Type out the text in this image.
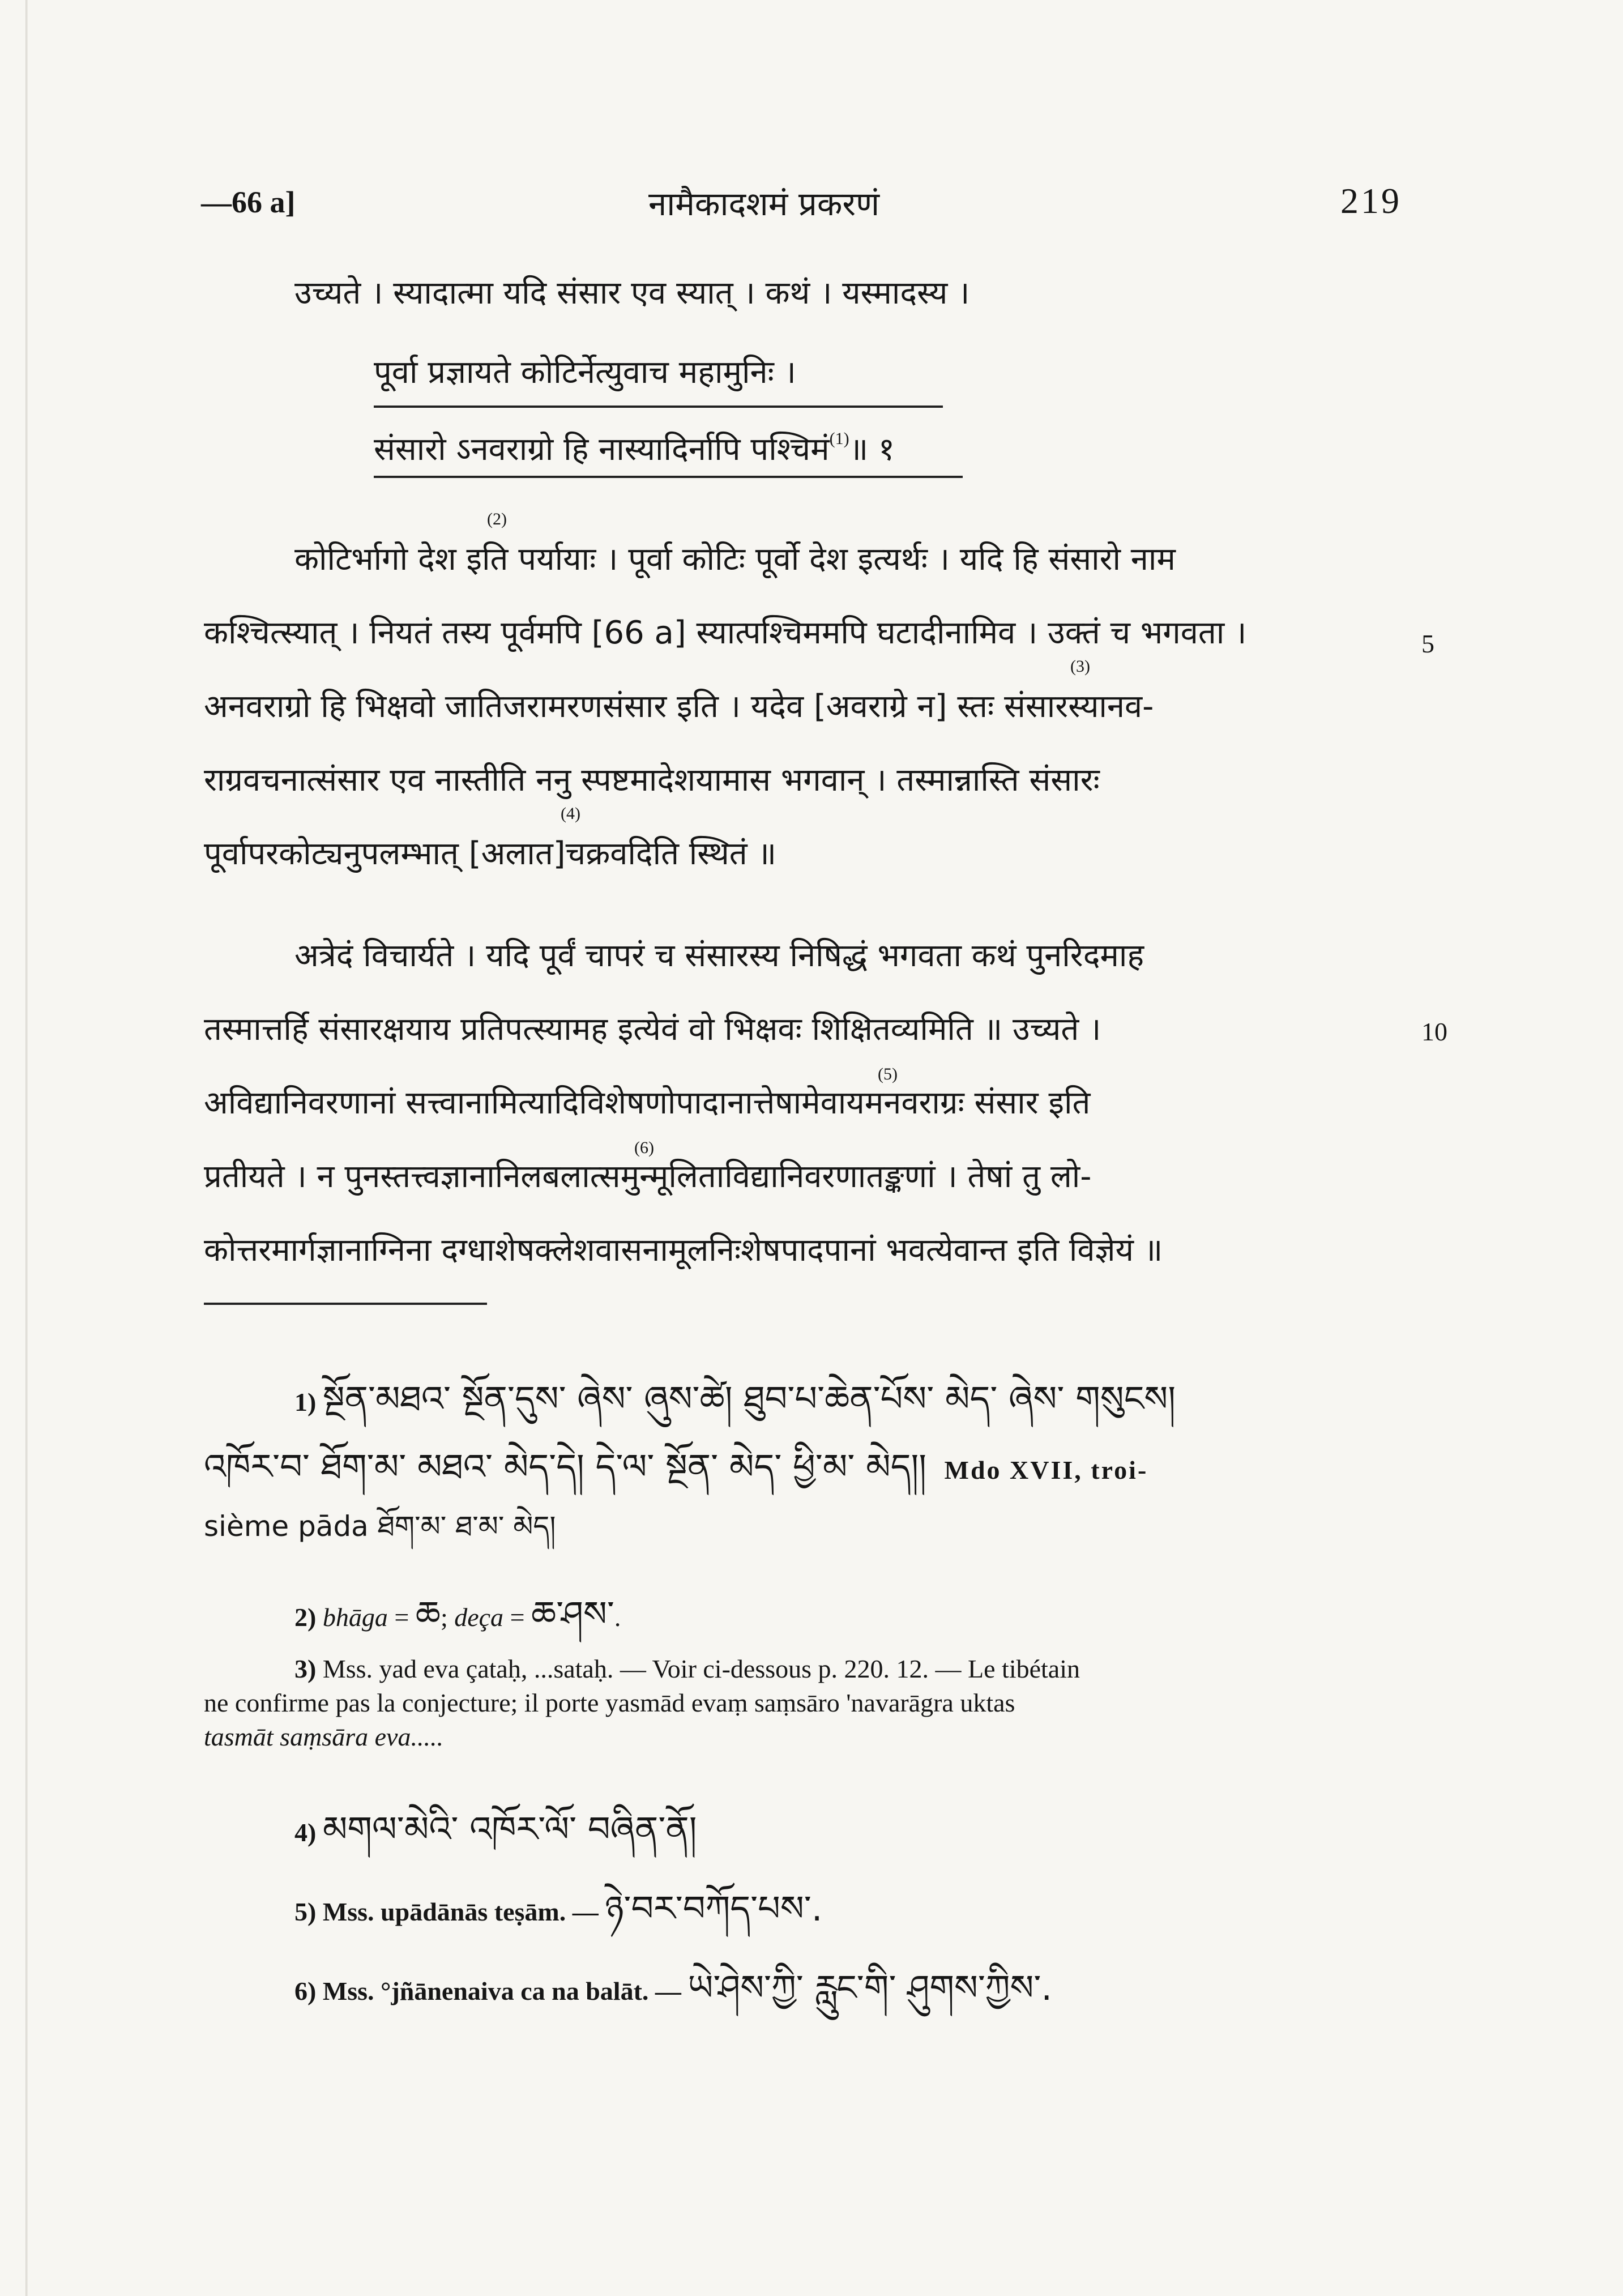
—66 a]	नामैकादशमं प्रकरणं	219
उच्यते । स्यादात्मा यदि संसार एव स्यात् । कथं । यस्मादस्य ।
पूर्वा प्रज्ञायते कोटिर्नेत्युवाच महामुनिः ।
संसारो ऽनवराग्रो हि नास्यादिर्नापि पश्चिमं$^{(1)}$॥ १
कोटिर्भागो देश इति पर्यायाः । पूर्वा कोटिः पूर्वो देश इत्यर्थः । यदि हि संसारो नाम
कश्चित्स्यात् । नियतं तस्य पूर्वमपि [66 a] स्यात्पश्चिममपि घटादीनामिव । उक्तं च भगवता ।
अनवराग्रो हि भिक्षवो जातिजरामरणसंसार इति । यदेव [अवराग्रे न] स्तः संसारस्यानव-
राग्रवचनात्संसार एव नास्तीति ननु स्पष्टमादेशयामास भगवान् । तस्मान्नास्ति संसारः
पूर्वापरकोट्यनुपलम्भात् [अलात]चक्रवदिति स्थितं ॥
(2)
(3)
(4)
5
अत्रेदं विचार्यते । यदि पूर्वं चापरं च संसारस्य निषिद्धं भगवता कथं पुनरिदमाह
तस्मात्तर्हि संसारक्षयाय प्रतिपत्स्यामह इत्येवं वो भिक्षवः शिक्षितव्यमिति ॥ उच्यते ।
अविद्यानिवरणानां सत्त्वानामित्यादिविशेषणोपादानात्तेषामेवायमनवराग्रः संसार इति
प्रतीयते । न पुनस्तत्त्वज्ञानानिलबलात्समुन्मूलिताविद्यानिवरणातङ्कणां । तेषां तु लो-
कोत्तरमार्गज्ञानाग्निना दग्धाशेषक्लेशवासनामूलनिःशेषपादपानां भवत्येवान्त इति विज्ञेयं ॥
(5)
(6)
10
1) སྔོན་མཐའ་ སྔོན་དུས་ ཞེས་ ཞུས་ཚེ། ཐུབ་པ་ཆེན་པོས་ མེད་ ཞེས་ གསུངས།
འཁོར་བ་ ཐོག་མ་ མཐའ་ མེད་དེ། དེ་ལ་ སྔོན་ མེད་ ཕྱི་མ་ མེད།། Mdo XVII, troi-
sième pāda ཐོག་མ་ ཐ་མ་ མེད།
2) bhāga = ཆ; deça = ཆ་ཤས་.
3) Mss. yad eva çataḥ, ...sataḥ. — Voir ci-dessous p. 220. 12. — Le tibétain
ne confirme pas la conjecture; il porte yasmād evaṃ saṃsāro 'navarāgra uktas
tasmāt saṃsāra eva.....
4) མགལ་མེའི་ འཁོར་ལོ་ བཞིན་ནོ།
5) Mss. upādānās teṣām. — ཉེ་བར་བཀོད་པས་.
6) Mss. °jñānenaiva ca na balāt. — ཡེ་ཤེས་ཀྱི་ རླུང་གི་ ཤུགས་ཀྱིས་.
